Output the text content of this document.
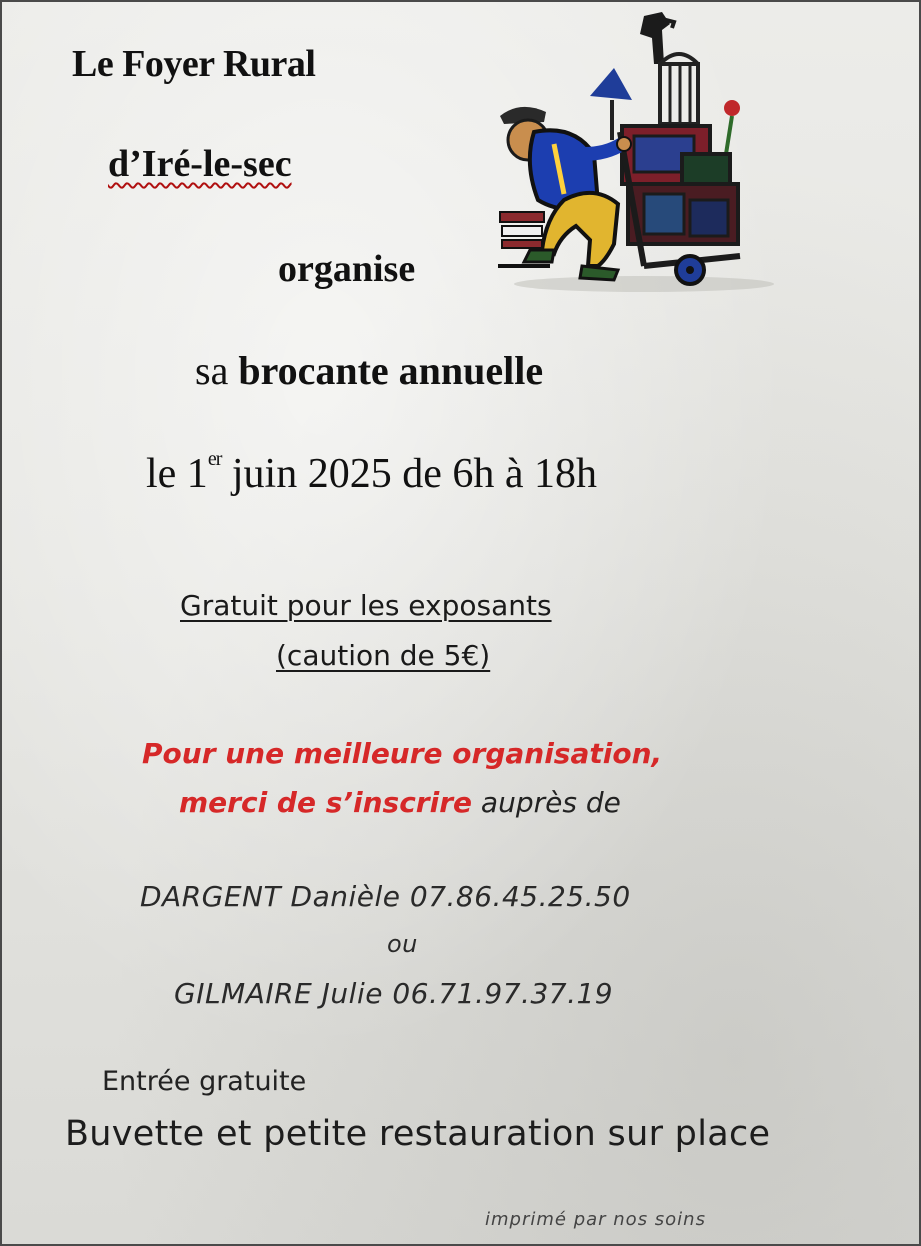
Le Foyer Rural
d’Iré-le-sec
organise
sa brocante annuelle
le 1er juin 2025 de 6h à 18h
Gratuit pour les exposants
(caution de 5€)
Pour une meilleure organisation,
merci de s’inscrire auprès de
DARGENT Danièle 07.86.45.25.50
ou
GILMAIRE Julie 06.71.97.37.19
Entrée gratuite
Buvette et petite restauration sur place
imprimé par nos soins
